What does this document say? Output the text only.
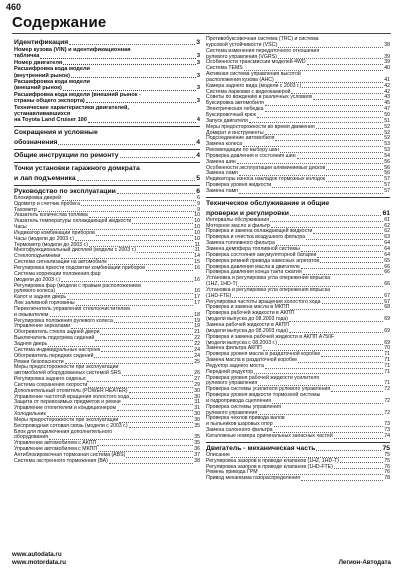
460
Содержание
Идентификация	3
Номер кузова (VIN) и идентификационная
табличка	3
Номер двигателя	3
Расшифровка кода модели
(внутренний рынок)	3
Расшифровка кода модели
(внешний рынок)	3
Расшифровка кода модели (внешний рынок -
страны общего экспорта)	3
Технические характеристики двигателей,
устанавливавшихся
на Toyota Land Cruiser 100	4
Сокращения и условные
обозначения	4
Общие инструкции по ремонту	4
Точки установки гаражного домкрата
и лап подъемника	5
Руководство по эксплуатации	6
Блокировка дверей	6
Одометр и счетчик пробега	9
Тахометр	9
Указатель количества топлива	10
Указатель температуры охлаждающей жидкости	10
Часы	10
Индикатор комбинации приборов	10
Часы (модели до 2003 г.)	10
Термометр (модели до 2003 г.)	11
Многофункциональный дисплей (модели с 2003 г.)	11
Стеклоподъемники	14
Система сигнализации на автомобиле	15
Регулировка яркости подсветки комбинации приборов	16
Система коррекции положения фар
(модели до 2003 г.)	16
Регулировка фар (модели с правым расположением
рулевого колеса)	16
Капот и задняя дверь	17
Люк заливной горловины	17
Переключатель управления стеклоочистителем
и омывателем	18
Регулировка положения рулевого колеса	19
Управление зеркалами	19
Обогреватель стекла задней двери	21
Выключатель подогрева сидений	22
Задняя дверь	22
Система индивидуальных настроек	24
Обогреватель передних сидений	24
Ремни безопасности	25
Меры предосторожности при эксплуатации
автомобилей оборудованных системой SRS	26
Регулировка заднего сиденья	27
Система сохранения скорости	29
Дополнительный отопитель (POWER HEATER)	30
Управление частотой вращения холостого хода	30
Защита от перевозимых предметов и ремни	31
Управление отопителем и кондиционером	31
Холодильник	30
Меры предосторожности при эксплуатации	30
Беспроводная сотовая связь (модели с 2003 г.)	35
Блок для подключения дополнительного
оборудования	35
Управление автомобилем с АКПП	35
Управление автомобилем с МКПП	36
Антиблокировочная тормозная система (ABS)	37
Система экстренного торможения (ВА)	38
Противобуксовочная система (TRC) и система
курсовой устойчивости (VSC)	38
Система изменения передаточного отношения
рулевого управления (VGRS)	39
Особенности трансмиссии моделей 4WD	39
Система TEMS	40
Активная система управления высотой
расположения кузова (AHC)	41
Камера заднего вида (модели с 2003 г.)	42
Система парковки с видеокамерой	42
Советы по вождению в различных условиях	43
Буксировка автомобиля	45
Электрическая лебедка	47
Буксировочный крюк	50
Запуск двигателя	51
Меры предосторожности во время движения	52
Домкрат и инструменты	52
Подсоединение автомобиля	52
Замена колеса	53
Рекомендации по выбору шин	53
Проверка давления и состояния шин	54
Замена шин	56
Особенности эксплуатации алюминиевых дисков	56
Замена ламп	56
Индикаторы износа накладок тормозных колодок	57
Проверка уровня жидкости	57
Замена ламп	57
Техническое обслуживание и общие
проверки и регулировки	61
Интервалы обслуживания	61
Моторное масло и фильтр	62
Проверка и замена охлаждающей жидкости	62
Проверка и очистка воздушного фильтра	63
Замена топливного фильтра	64
Замена демпфера топливной системы	64
Проверка состояния аккумуляторной батареи	64
Проверка ремней привода навесных агрегатов	65
Проверка давления масла в двигателе	66
Проверка давления конца такта сжатия	66
Установка и регулировка угла опережения впрыска
(1HZ, 1HD-T)	66
Установка и регулировка угла опережения впрыска
(1HD-FTE)	67
Регулировка частоты вращения холостого хода	67
Проверка и замена масла в МКПП	68
Проверка рабочей жидкости в АКПП
(модели выпуска до 08.2003 года)	69
Замена рабочей жидкости в АКПП
(модели выпуска до 08.2003 года)	69
Проверка и замена рабочей жидкости в АКПП A750F
(модели выпуска с 08.2003 г.)	69
Замена фильтра АКПП	70
Проверка уровня масла в раздаточной коробке	71
Замена масла в раздаточной коробке	71
Редуктор заднего моста	71
Передний редуктор	71
Проверка уровня рабочей жидкости усилителя
рулевого управления	71
Проверка системы усилителя рулевого управления	72
Проверка уровня жидкости тормозной системы
и гидропривода сцепления	72
Проверка системы управления
рулевого управления	72
Проверка чехлов привода валов
и пыльников шаровых опор	73
Замена салонного фильтра	73
Каталожные номера оригинальных запасных частей	74
Двигатель - механическая часть	75
Описание	75
Регулировка зазоров в приводе клапанов (1HZ, 1HD-T)	75
Регулировка зазоров в приводе клапанов (1HD-FTE)	76
Ремень привода ГРМ	76
Привод механизма газораспределения	78
www.autodata.ru
www.motordata.ru	Легион-Автодата
